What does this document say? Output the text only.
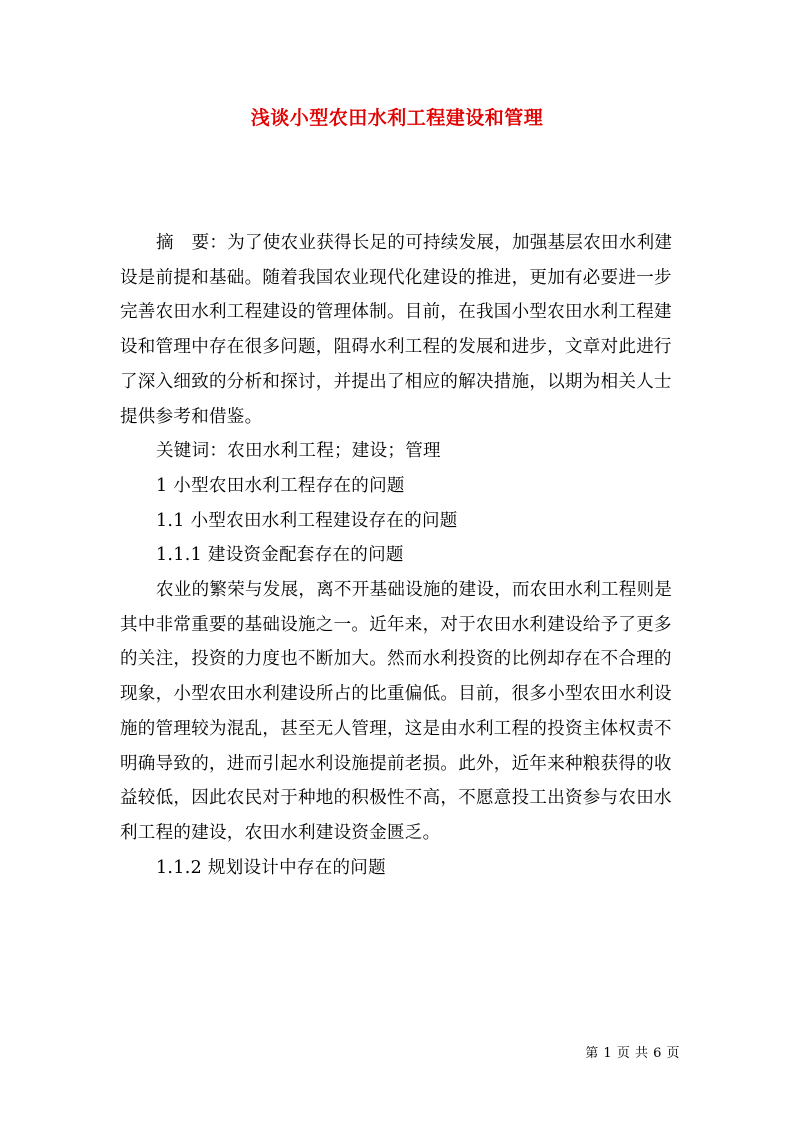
浅谈小型农田水利工程建设和管理

摘　要：为了使农业获得长足的可持续发展，加强基层农田水利建设是前提和基础。随着我国农业现代化建设的推进，更加有必要进一步完善农田水利工程建设的管理体制。目前，在我国小型农田水利工程建设和管理中存在很多问题，阻碍水利工程的发展和进步，文章对此进行了深入细致的分析和探讨，并提出了相应的解决措施，以期为相关人士提供参考和借鉴。

关键词：农田水利工程；建设；管理

1 小型农田水利工程存在的问题

1.1 小型农田水利工程建设存在的问题

1.1.1 建设资金配套存在的问题

农业的繁荣与发展，离不开基础设施的建设，而农田水利工程则是其中非常重要的基础设施之一。近年来，对于农田水利建设给予了更多的关注，投资的力度也不断加大。然而水利投资的比例却存在不合理的现象，小型农田水利建设所占的比重偏低。目前，很多小型农田水利设施的管理较为混乱，甚至无人管理，这是由水利工程的投资主体权责不明确导致的，进而引起水利设施提前老损。此外，近年来种粮获得的收益较低，因此农民对于种地的积极性不高，不愿意投工出资参与农田水利工程的建设，农田水利建设资金匮乏。

1.1.2 规划设计中存在的问题

第 1 页 共 6 页
